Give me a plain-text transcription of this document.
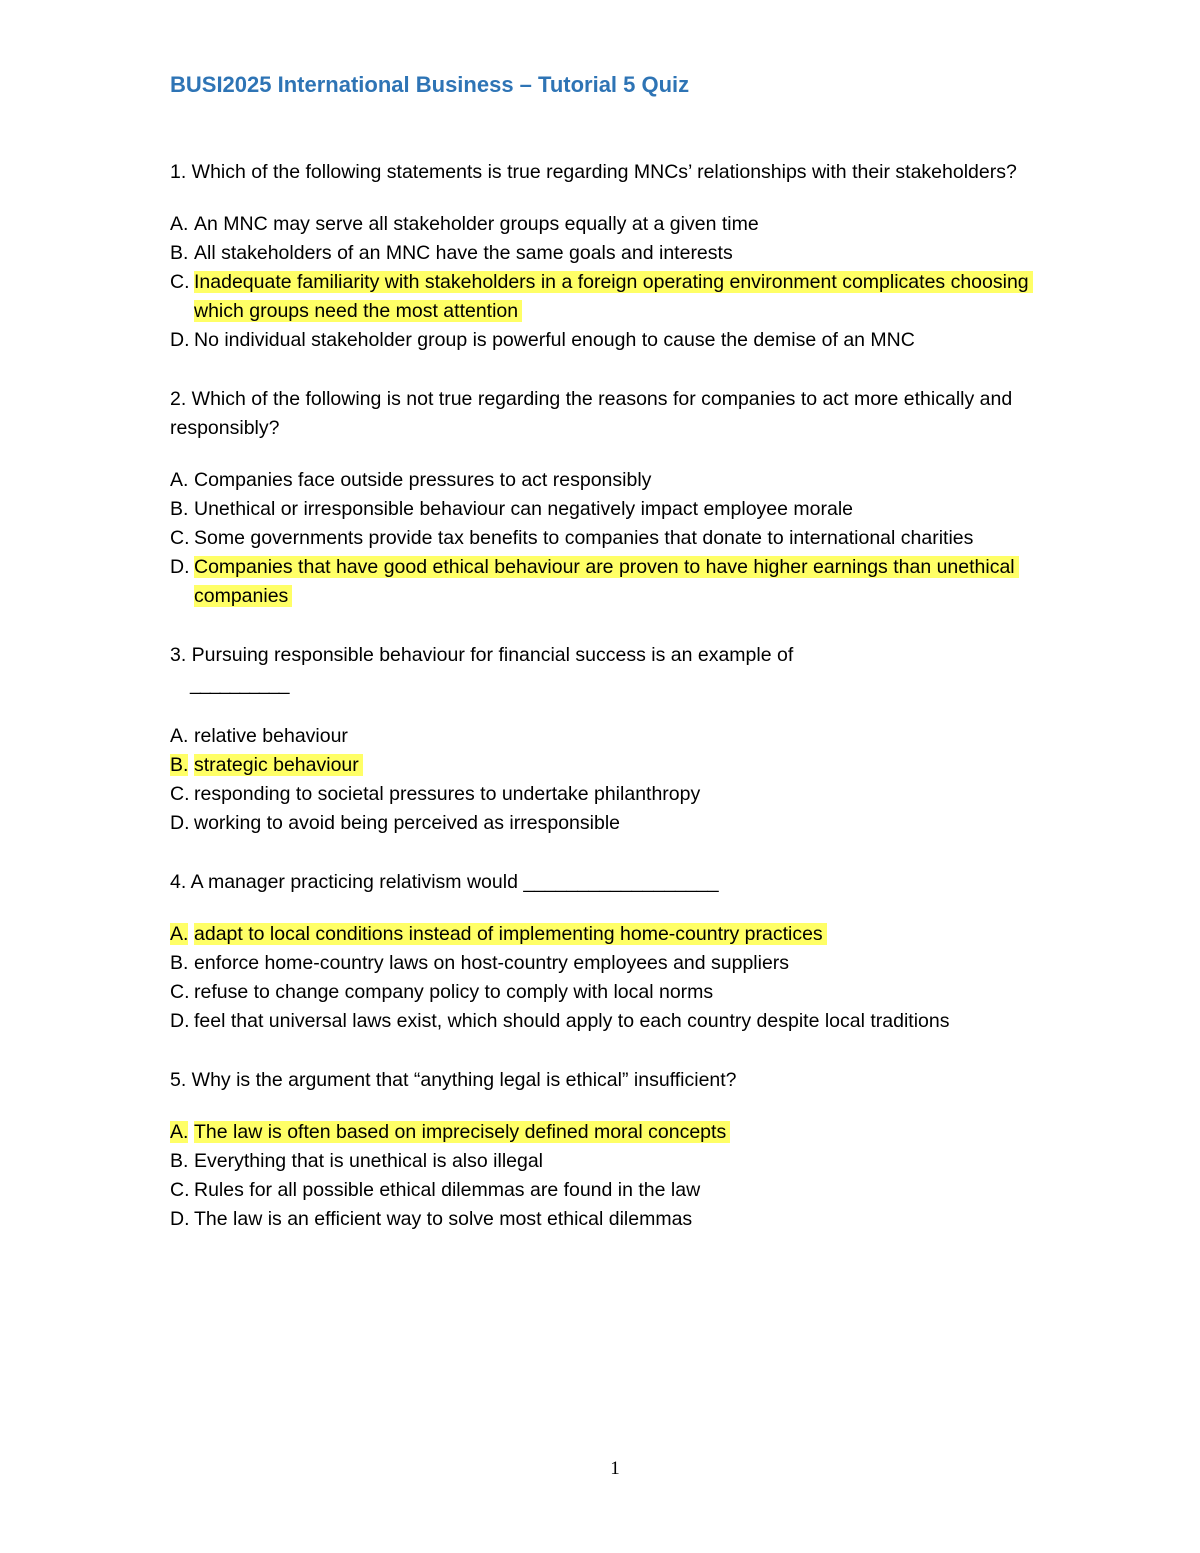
BUSI2025 International Business – Tutorial 5 Quiz
1. Which of the following statements is true regarding MNCs’ relationships with their stakeholders?
A. An MNC may serve all stakeholder groups equally at a given time
B. All stakeholders of an MNC have the same goals and interests
C. Inadequate familiarity with stakeholders in a foreign operating environment complicates choosing which groups need the most attention
D. No individual stakeholder group is powerful enough to cause the demise of an MNC
2. Which of the following is not true regarding the reasons for companies to act more ethically and responsibly?
A. Companies face outside pressures to act responsibly
B. Unethical or irresponsible behaviour can negatively impact employee morale
C. Some governments provide tax benefits to companies that donate to international charities
D. Companies that have good ethical behaviour are proven to have higher earnings than unethical companies
3. Pursuing responsible behaviour for financial success is an example of
__________
A. relative behaviour
B. strategic behaviour
C. responding to societal pressures to undertake philanthropy
D. working to avoid being perceived as irresponsible
4. A manager practicing relativism would __________________
A. adapt to local conditions instead of implementing home-country practices
B. enforce home-country laws on host-country employees and suppliers
C. refuse to change company policy to comply with local norms
D. feel that universal laws exist, which should apply to each country despite local traditions
5. Why is the argument that “anything legal is ethical” insufficient?
A. The law is often based on imprecisely defined moral concepts
B. Everything that is unethical is also illegal
C. Rules for all possible ethical dilemmas are found in the law
D. The law is an efficient way to solve most ethical dilemmas
1
